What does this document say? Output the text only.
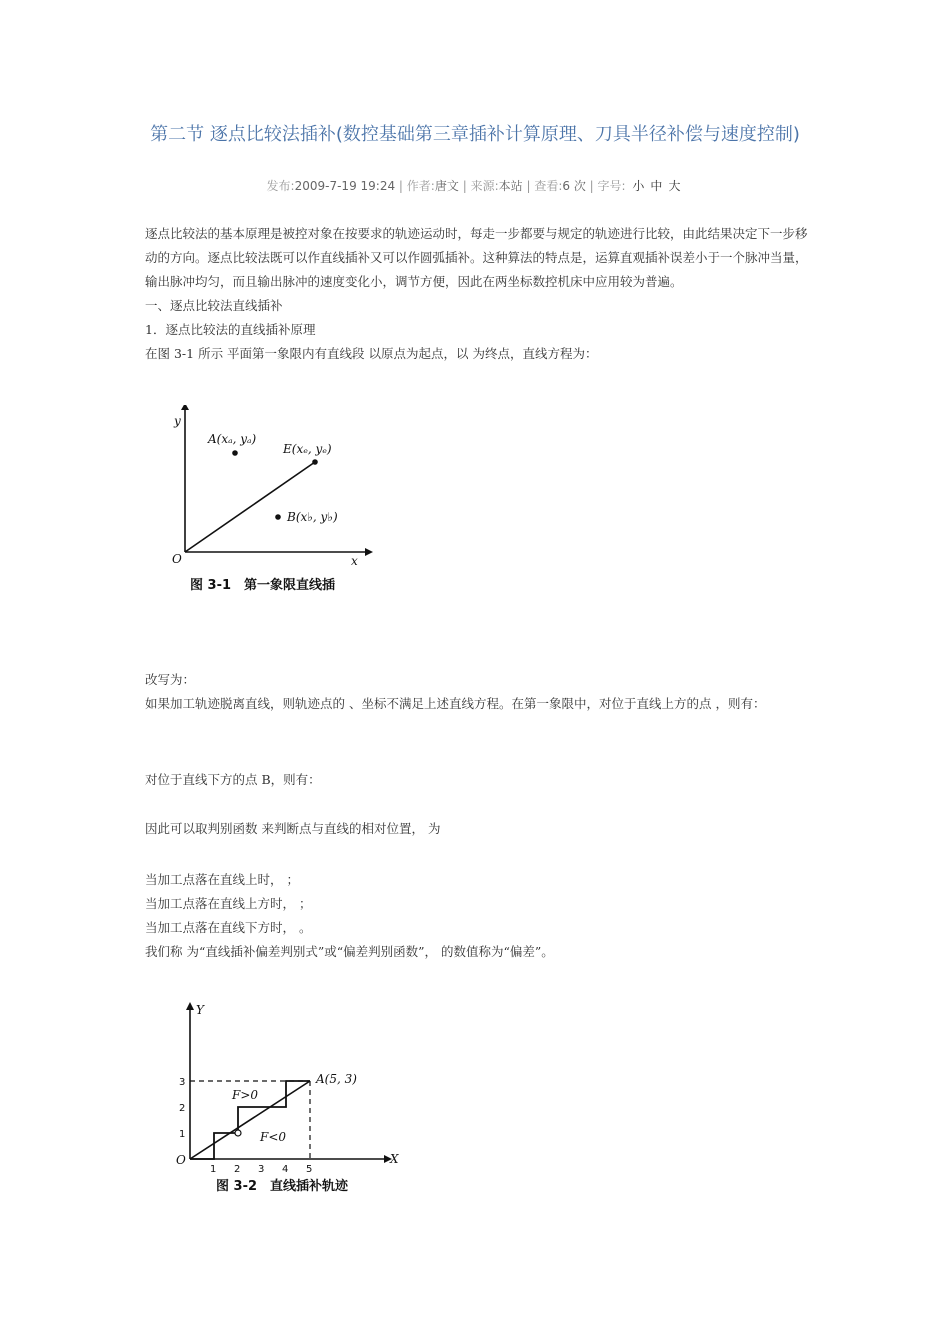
第二节 逐点比较法插补(数控基础第三章插补计算原理、刀具半径补偿与速度控制)
发布:2009-7-19 19:24 | 作者:唐文 | 来源:本站 | 查看:6 次 | 字号: 小 中 大

逐点比较法的基本原理是被控对象在按要求的轨迹运动时，每走一步都要与规定的轨迹进行比较，由此结果决定下一步移动的方向。逐点比较法既可以作直线插补又可以作圆弧插补。这种算法的特点是，运算直观插补误差小于一个脉冲当量，输出脉冲均匀，而且输出脉冲的速度变化小，调节方便，因此在两坐标数控机床中应用较为普遍。

一、逐点比较法直线插补

1．逐点比较法的直线插补原理

在图 3-1 所示 平面第一象限内有直线段 以原点为起点，以 为终点，直线方程为：

y
x
O
A(xₐ, yₐ)
E(xₑ, yₑ)
B(x♭, y♭)
图 3-1　第一象限直线插

改写为：

如果加工轨迹脱离直线，则轨迹点的 、坐标不满足上述直线方程。在第一象限中，对位于直线上方的点 ，则有：

对位于直线下方的点 B，则有：

因此可以取判别函数 来判断点与直线的相对位置， 为

当加工点落在直线上时， ；

当加工点落在直线上方时， ；

当加工点落在直线下方时， 。

我们称 为“直线插补偏差判别式”或“偏差判别函数”， 的数值称为“偏差”。

Y
X
O
1 2 3 4 5
1
2
3	A(5, 3)
F>0
F<0
图 3-2　直线插补轨迹
